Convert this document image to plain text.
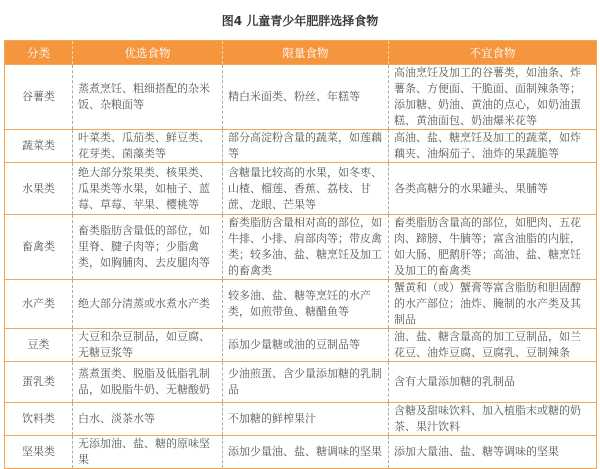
图4 儿童青少年肥胖选择食物
分类	优选食物	限量食物	不宜食物
谷薯类	蒸煮烹饪、粗细搭配的杂米饭、杂粮面等	精白米面类、粉丝、年糕等	高油烹饪及加工的谷薯类，如油条、炸薯条、方便面、干脆面、面制辣条等；添加糖、奶油、黄油的点心，如奶油蛋糕、黄油面包、奶油爆米花等
蔬菜类	叶菜类、瓜茄类、鲜豆类、花芽类、菌藻类等	部分高淀粉含量的蔬菜，如莲藕等	高油、盐、糖烹饪及加工的蔬菜，如炸藕夹、油焖茄子、油炸的果蔬脆等
水果类	绝大部分浆果类、核果类、瓜果类等水果，如柚子、蓝莓、草莓、苹果、樱桃等	含糖量比较高的水果，如冬枣、山楂、榴莲、香蕉、荔枝、甘蔗、龙眼、芒果等	各类高糖分的水果罐头、果脯等
畜禽类	畜类脂肪含量低的部位，如里脊、腱子肉等；少脂禽类，如胸脯肉、去皮腿肉等	畜类脂肪含量相对高的部位，如牛排、小排、肩部肉等；带皮禽类；较多油、盐、糖烹饪及加工的畜禽类	畜类脂肪含量高的部位，如肥肉、五花肉、蹄膀、牛腩等；富含油脂的内脏，如大肠、肥鹅肝等；高油、盐、糖烹饪及加工的畜禽类
水产类	绝大部分清蒸或水煮水产类	较多油、盐、糖等烹饪的水产类，如煎带鱼、糖醋鱼等	蟹黄和（或）蟹膏等富含脂肪和胆固醇的水产部位；油炸、腌制的水产类及其制品
豆类	大豆和杂豆制品，如豆腐、无糖豆浆等	添加少量糖或油的豆制品等	油、盐、糖含量高的加工豆制品，如兰花豆、油炸豆腐、豆腐乳、豆制辣条
蛋乳类	蒸煮蛋类、脱脂及低脂乳制品，如脱脂牛奶、无糖酸奶	少油煎蛋、含少量添加糖的乳制品	含有大量添加糖的乳制品
饮料类	白水、淡茶水等	不加糖的鲜榨果汁	含糖及甜味饮料、加入植脂末或糖的奶茶、果汁饮料
坚果类	无添加油、盐、糖的原味坚果	添加少量油、盐、糖调味的坚果	添加大量油、盐、糖等调味的坚果
